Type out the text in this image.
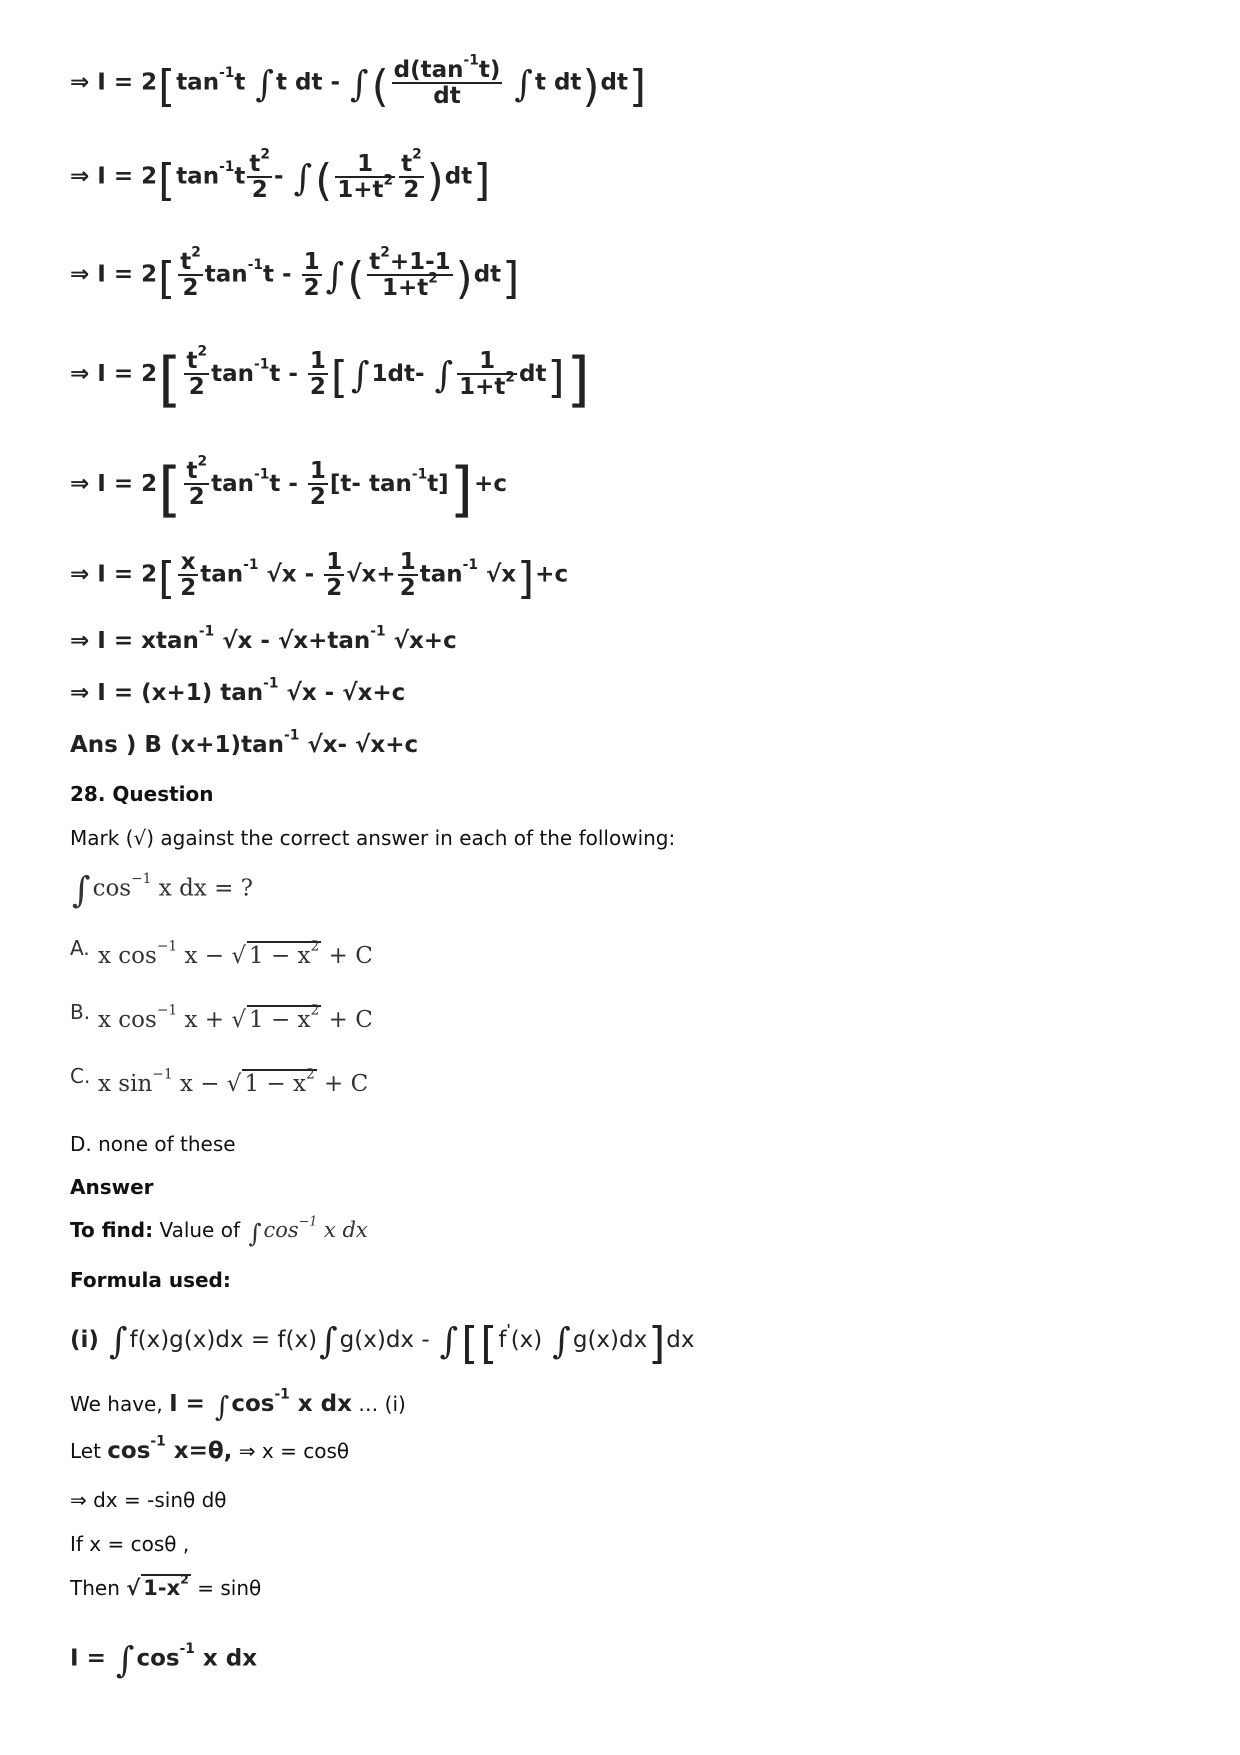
⇒ $I = 2[\tan^{-1}t$ ∫t dt - ∫( $\frac{d(\tan^{-1}t)}{dt} \int t$ dt)dt]
⇒ $I = 2[\tan^{-1}t \frac{t^2}{2}$ - ∫( $\frac{1}{1+t^2} \frac{t^2}{2} )dt$]
⇒ $I = 2[ \frac{t^2}{2} \tan^{-1}t - \frac{1}{2}$ ∫( $\frac{t^2+1-1}{1+t^2} )dt$]
⇒ $I = 2[ \frac{t^2}{2} \tan^{-1}t - \frac{1}{2} [\int 1dt-$ ∫ $\frac{1}{1+t^2} dt$]]
⇒ $I = 2[ \frac{t^2}{2} \tan^{-1}t - \frac{1}{2} [t-$ $\tan^{-1}t]]+c$
⇒ $I = 2[ \frac{x}{2} \tan^{-1} √x - \frac{1}{2} √x+ \frac{1}{2} \tan^{-1} √x]+c$
⇒ I = xtan$^{-1}$ $√x - √x+\tan^{-1}$ √x+c
⇒ I = (x+1) $\tan^{-1} √x - √x+c$
Ans ) B $(x+1)\tan^{-1}$ √x- √x+c
28. Question
Mark (√) against the correct answer in each of the following:
$\int\cos^{-1}$ x dx = ?
A. x $\cos^{-1} x$ − √ $1 - x^2 + C$
B. x $\cos^{-1} x$ + √ $1 - x^2 + C$
C. x $\sin^{-1} x$ − √ $1 - x^2 + C$
D. none of these
Answer
To find: Value of $\int\cos^{-1}$ x dx
Formula used:
(i) ∫f(x)g(x)dx = f(x)∫g(x)dx - ∫[[f'(x) ∫g(x)dx]dx
We have, $I = \int\cos^{-1}$ x dx … (i)
Let $\cos^{-1} x=\theta$, ⇒ x = cosθ
⇒ dx = -sinθ dθ
If x = cosθ ,
Then √ $1-x^2 = \sin\theta$
$I = \int\cos^{-1}$ x dx
